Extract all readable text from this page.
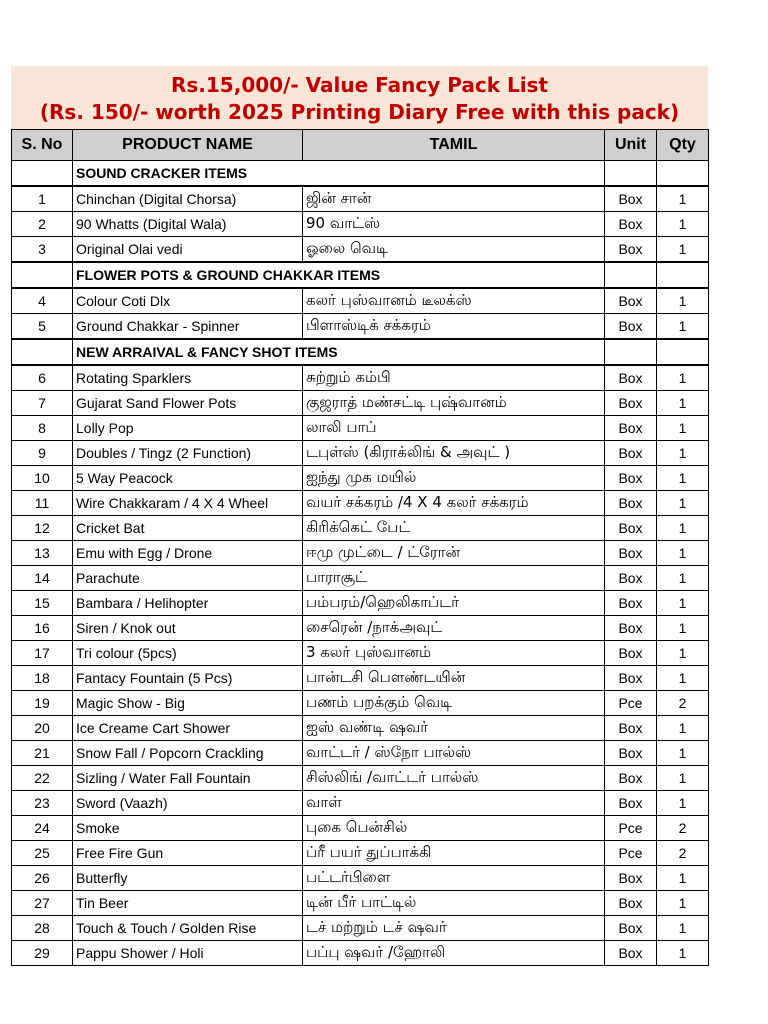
Rs.15,000/- Value Fancy Pack List
(Rs. 150/- worth 2025 Printing Diary Free with this pack)
S. No	PRODUCT NAME	TAMIL	Unit	Qty
	SOUND CRACKER ITEMS			
1	Chinchan (Digital Chorsa)	ஜின் சான்	Box	1
2	90 Whatts (Digital Wala)	90 வாட்ஸ்	Box	1
3	Original Olai vedi	ஓலை வெடி	Box	1
	FLOWER POTS & GROUND CHAKKAR ITEMS			
4	Colour Coti Dlx	கலர் புஸ்வானம் டீலக்ஸ்	Box	1
5	Ground Chakkar - Spinner	பிளாஸ்டிக் சக்கரம்	Box	1
	NEW ARRAIVAL & FANCY SHOT ITEMS			
6	Rotating Sparklers	சுற்றும் கம்பி	Box	1
7	Gujarat Sand Flower Pots	குஜராத் மண்சட்டி புஷ்வானம்	Box	1
8	Lolly Pop	லாலி பாப்	Box	1
9	Doubles / Tingz (2 Function)	டபுள்ஸ் (கிராக்லிங் & அவுட் )	Box	1
10	5 Way Peacock	ஐந்து முக மயில்	Box	1
11	Wire Chakkaram / 4 X 4 Wheel	வயர் சக்கரம் /4 X 4 கலர் சக்கரம்	Box	1
12	Cricket Bat	கிரிக்கெட் பேட்	Box	1
13	Emu with Egg / Drone	ஈமு முட்டை / ட்ரோன்	Box	1
14	Parachute	பாராசூட்	Box	1
15	Bambara / Helihopter	பம்பரம்/ஹெலிகாப்டர்	Box	1
16	Siren / Knok out	சைரென் /நாக்அவுட்	Box	1
17	Tri colour (5pcs)	3 கலர் புஸ்வானம்	Box	1
18	Fantacy Fountain (5 Pcs)	பான்டசி பௌண்டயின்	Box	1
19	Magic Show - Big	பணம் பறக்கும் வெடி	Pce	2
20	Ice Creame Cart Shower	ஐஸ் வண்டி ஷவர்	Box	1
21	Snow Fall / Popcorn Crackling	வாட்டர் / ஸ்நோ பால்ஸ்	Box	1
22	Sizling / Water Fall Fountain	சிஸ்லிங் /வாட்டர் பால்ஸ்	Box	1
23	Sword (Vaazh)	வாள்	Box	1
24	Smoke	புகை பென்சில்	Pce	2
25	Free Fire Gun	ப்ரீ பயர் துப்பாக்கி	Pce	2
26	Butterfly	பட்டர்பிளை	Box	1
27	Tin Beer	டின் பீர் பாட்டில்	Box	1
28	Touch & Touch / Golden Rise	டச் மற்றும் டச் ஷவர்	Box	1
29	Pappu Shower / Holi	பப்பு ஷவர் /ஹோலி	Box	1
